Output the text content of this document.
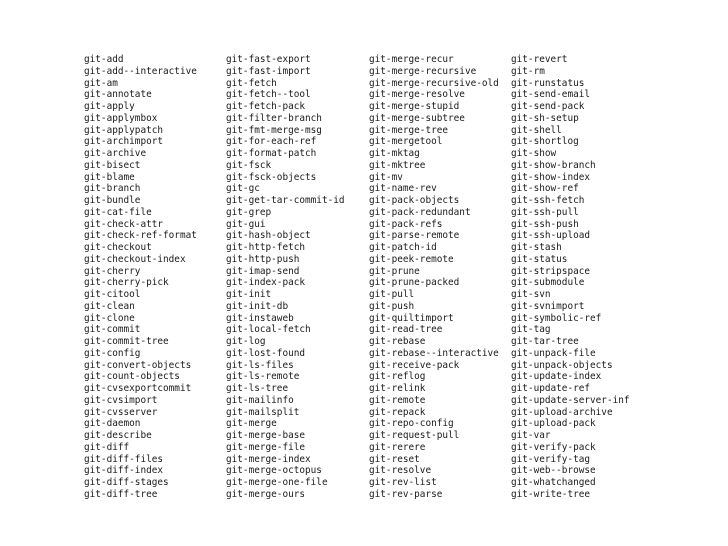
git-add
git-add--interactive
git-am
git-annotate
git-apply
git-applymbox
git-applypatch
git-archimport
git-archive
git-bisect
git-blame
git-branch
git-bundle
git-cat-file
git-check-attr
git-check-ref-format
git-checkout
git-checkout-index
git-cherry
git-cherry-pick
git-citool
git-clean
git-clone
git-commit
git-commit-tree
git-config
git-convert-objects
git-count-objects
git-cvsexportcommit
git-cvsimport
git-cvsserver
git-daemon
git-describe
git-diff
git-diff-files
git-diff-index
git-diff-stages
git-diff-tree
git-fast-export
git-fast-import
git-fetch
git-fetch--tool
git-fetch-pack
git-filter-branch
git-fmt-merge-msg
git-for-each-ref
git-format-patch
git-fsck
git-fsck-objects
git-gc
git-get-tar-commit-id
git-grep
git-gui
git-hash-object
git-http-fetch
git-http-push
git-imap-send
git-index-pack
git-init
git-init-db
git-instaweb
git-local-fetch
git-log
git-lost-found
git-ls-files
git-ls-remote
git-ls-tree
git-mailinfo
git-mailsplit
git-merge
git-merge-base
git-merge-file
git-merge-index
git-merge-octopus
git-merge-one-file
git-merge-ours
git-merge-recur
git-merge-recursive
git-merge-recursive-old
git-merge-resolve
git-merge-stupid
git-merge-subtree
git-merge-tree
git-mergetool
git-mktag
git-mktree
git-mv
git-name-rev
git-pack-objects
git-pack-redundant
git-pack-refs
git-parse-remote
git-patch-id
git-peek-remote
git-prune
git-prune-packed
git-pull
git-push
git-quiltimport
git-read-tree
git-rebase
git-rebase--interactive
git-receive-pack
git-reflog
git-relink
git-remote
git-repack
git-repo-config
git-request-pull
git-rerere
git-reset
git-resolve
git-rev-list
git-rev-parse
git-revert
git-rm
git-runstatus
git-send-email
git-send-pack
git-sh-setup
git-shell
git-shortlog
git-show
git-show-branch
git-show-index
git-show-ref
git-ssh-fetch
git-ssh-pull
git-ssh-push
git-ssh-upload
git-stash
git-status
git-stripspace
git-submodule
git-svn
git-svnimport
git-symbolic-ref
git-tag
git-tar-tree
git-unpack-file
git-unpack-objects
git-update-index
git-update-ref
git-update-server-inf
git-upload-archive
git-upload-pack
git-var
git-verify-pack
git-verify-tag
git-web--browse
git-whatchanged
git-write-tree
